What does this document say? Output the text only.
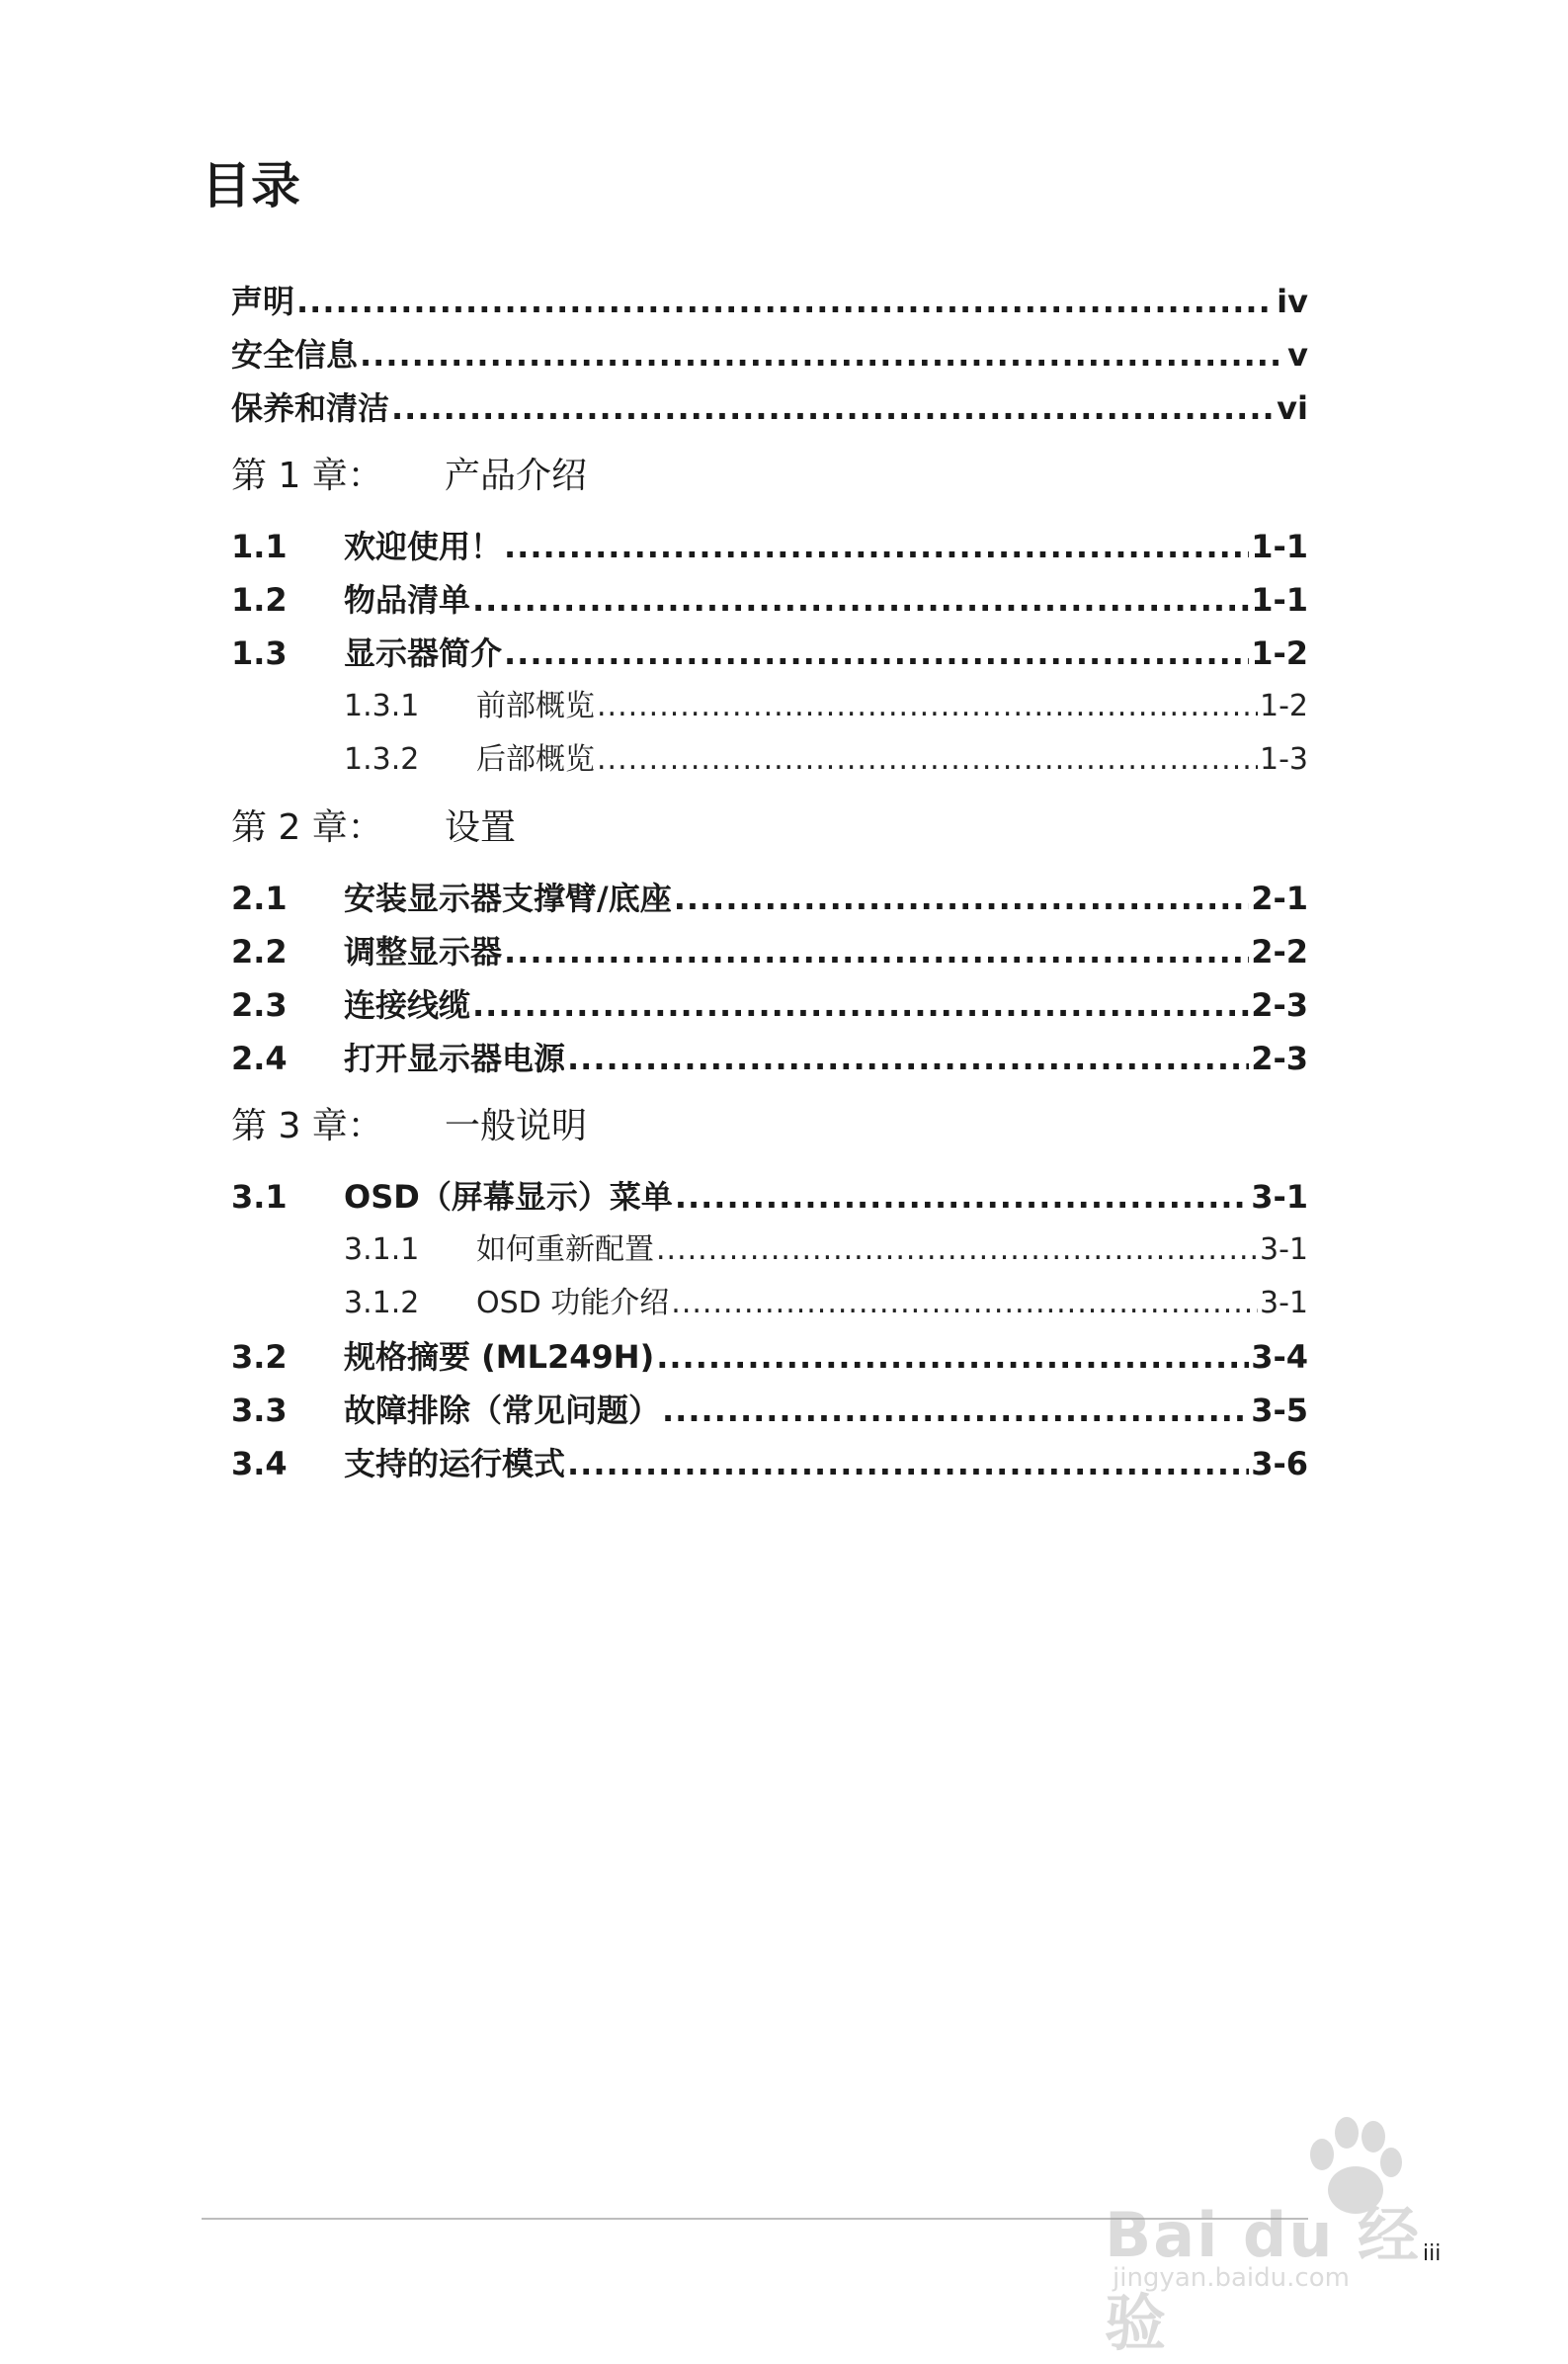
目录
声明 .....	iv
安全信息 .....	v
保养和清洁 .....	vi
第 1 章：	产品介绍
1.1	欢迎使用！ .....	1-1
1.2	物品清单 .....	1-1
1.3	显示器简介 .....	1-2
1.3.1	前部概览 .....	1-2
1.3.2	后部概览 .....	1-3
第 2 章：	设置
2.1	安装显示器支撑臂/底座 .....	2-1
2.2	调整显示器 .....	2-2
2.3	连接线缆 .....	2-3
2.4	打开显示器电源 .....	2-3
第 3 章：	一般说明
3.1	OSD（屏幕显示）菜单 .....	3-1
3.1.1	如何重新配置 .....	3-1
3.1.2	OSD 功能介绍 .....	3-1
3.2	规格摘要 (ML249H) .....	3-4
3.3	故障排除（常见问题） .....	3-5
3.4	支持的运行模式 .....	3-6
Bai du 经验
jingyan.baidu.com
iii
